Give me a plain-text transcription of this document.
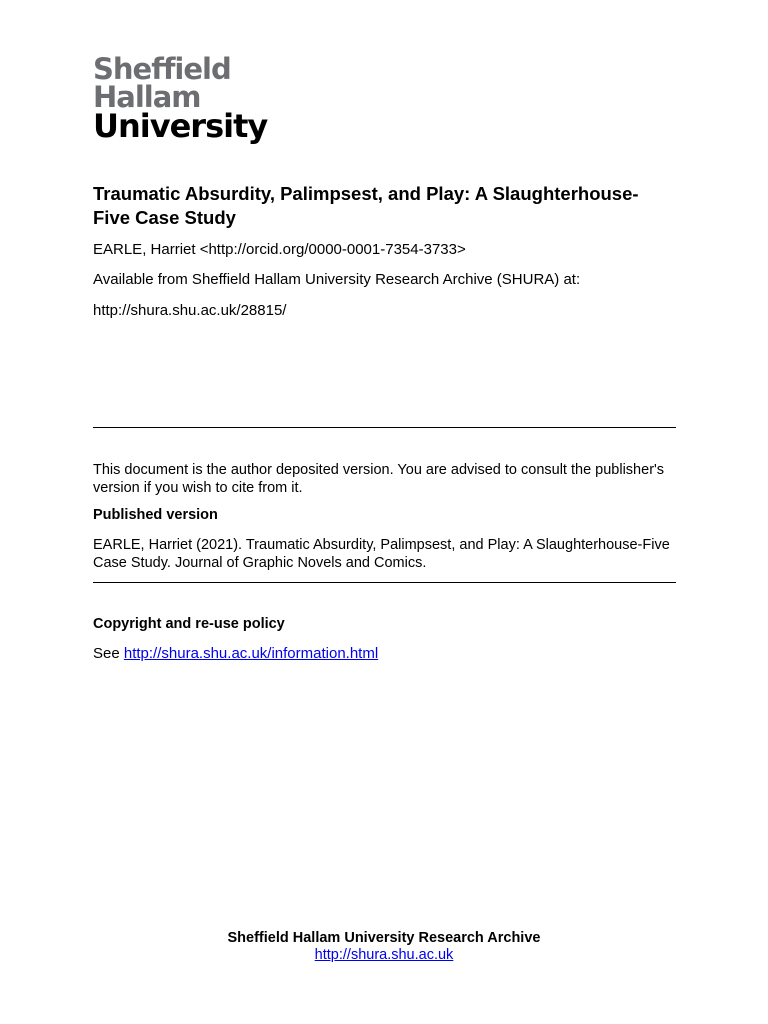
Sheffield
Hallam
University
Traumatic Absurdity, Palimpsest, and Play: A Slaughterhouse-Five Case Study

EARLE, Harriet <http://orcid.org/0000-0001-7354-3733>

Available from Sheffield Hallam University Research Archive (SHURA) at:

http://shura.shu.ac.uk/28815/

This document is the author deposited version. You are advised to consult the publisher's version if you wish to cite from it.

Published version

EARLE, Harriet (2021). Traumatic Absurdity, Palimpsest, and Play: A Slaughterhouse-Five Case Study. Journal of Graphic Novels and Comics.

Copyright and re-use policy

See http://shura.shu.ac.uk/information.html

Sheffield Hallam University Research Archive
http://shura.shu.ac.uk
